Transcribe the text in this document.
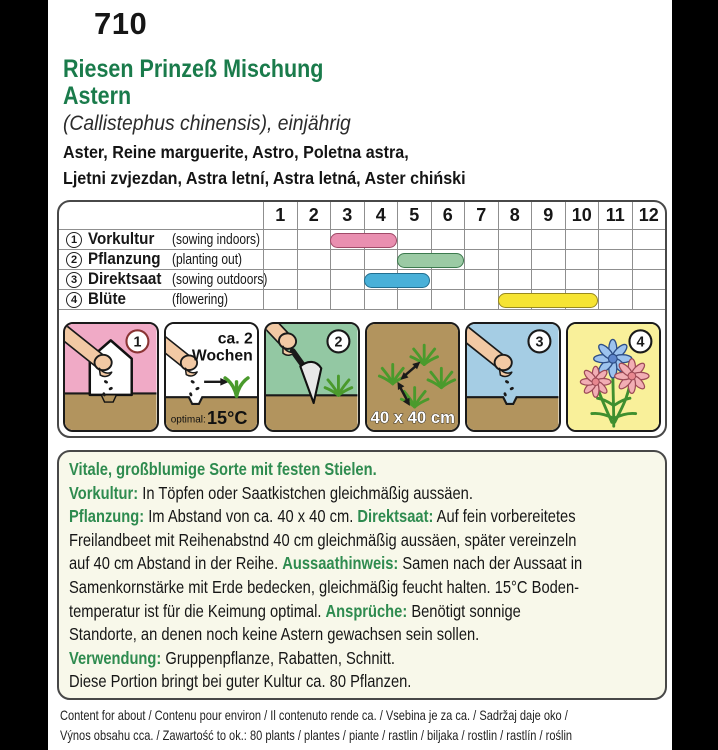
710
Riesen Prinzeß Mischung
Astern
(Callistephus chinensis), einjährig
Aster, Reine marguerite, Astro, Poletna astra,
Ljetni zvjezdan, Astra letní, Astra letná, Aster chiński
1	2	3	4	5	6	7	8	9	10 11 12
1 Vorkultur	(sowing indoors)
2 Pflanzung (planting out)
3 Direktsaat (sowing outdoors)
4 Blüte	(flowering)
1	ca. 2
Wochen
optimal: 15°C
2
40 x 40 cm
3	4
Vitale, großblumige Sorte mit festen Stielen.
Vorkultur: In Töpfen oder Saatkistchen gleichmäßig aussäen.
Pflanzung: Im Abstand von ca. 40 x 40 cm. Direktsaat: Auf fein vorbereitetes
Freilandbeet mit Reihenabstnd 40 cm gleichmäßig aussäen, später vereinzeln
auf 40 cm Abstand in der Reihe. Aussaathinweis: Samen nach der Aussaat in
Samenkornstärke mit Erde bedecken, gleichmäßig feucht halten. 15°C Boden-
temperatur ist für die Keimung optimal. Ansprüche: Benötigt sonnige
Standorte, an denen noch keine Astern gewachsen sein sollen.
Verwendung: Gruppenpflanze, Rabatten, Schnitt.
Diese Portion bringt bei guter Kultur ca. 80 Pflanzen.
Content for about / Contenu pour environ / Il contenuto rende ca. / Vsebina je za ca. / Sadržaj daje oko /
Výnos obsahu cca. / Zawartość to ok.: 80 plants / plantes / piante / rastlin / biljaka / rostlin / rastlín / roślin
